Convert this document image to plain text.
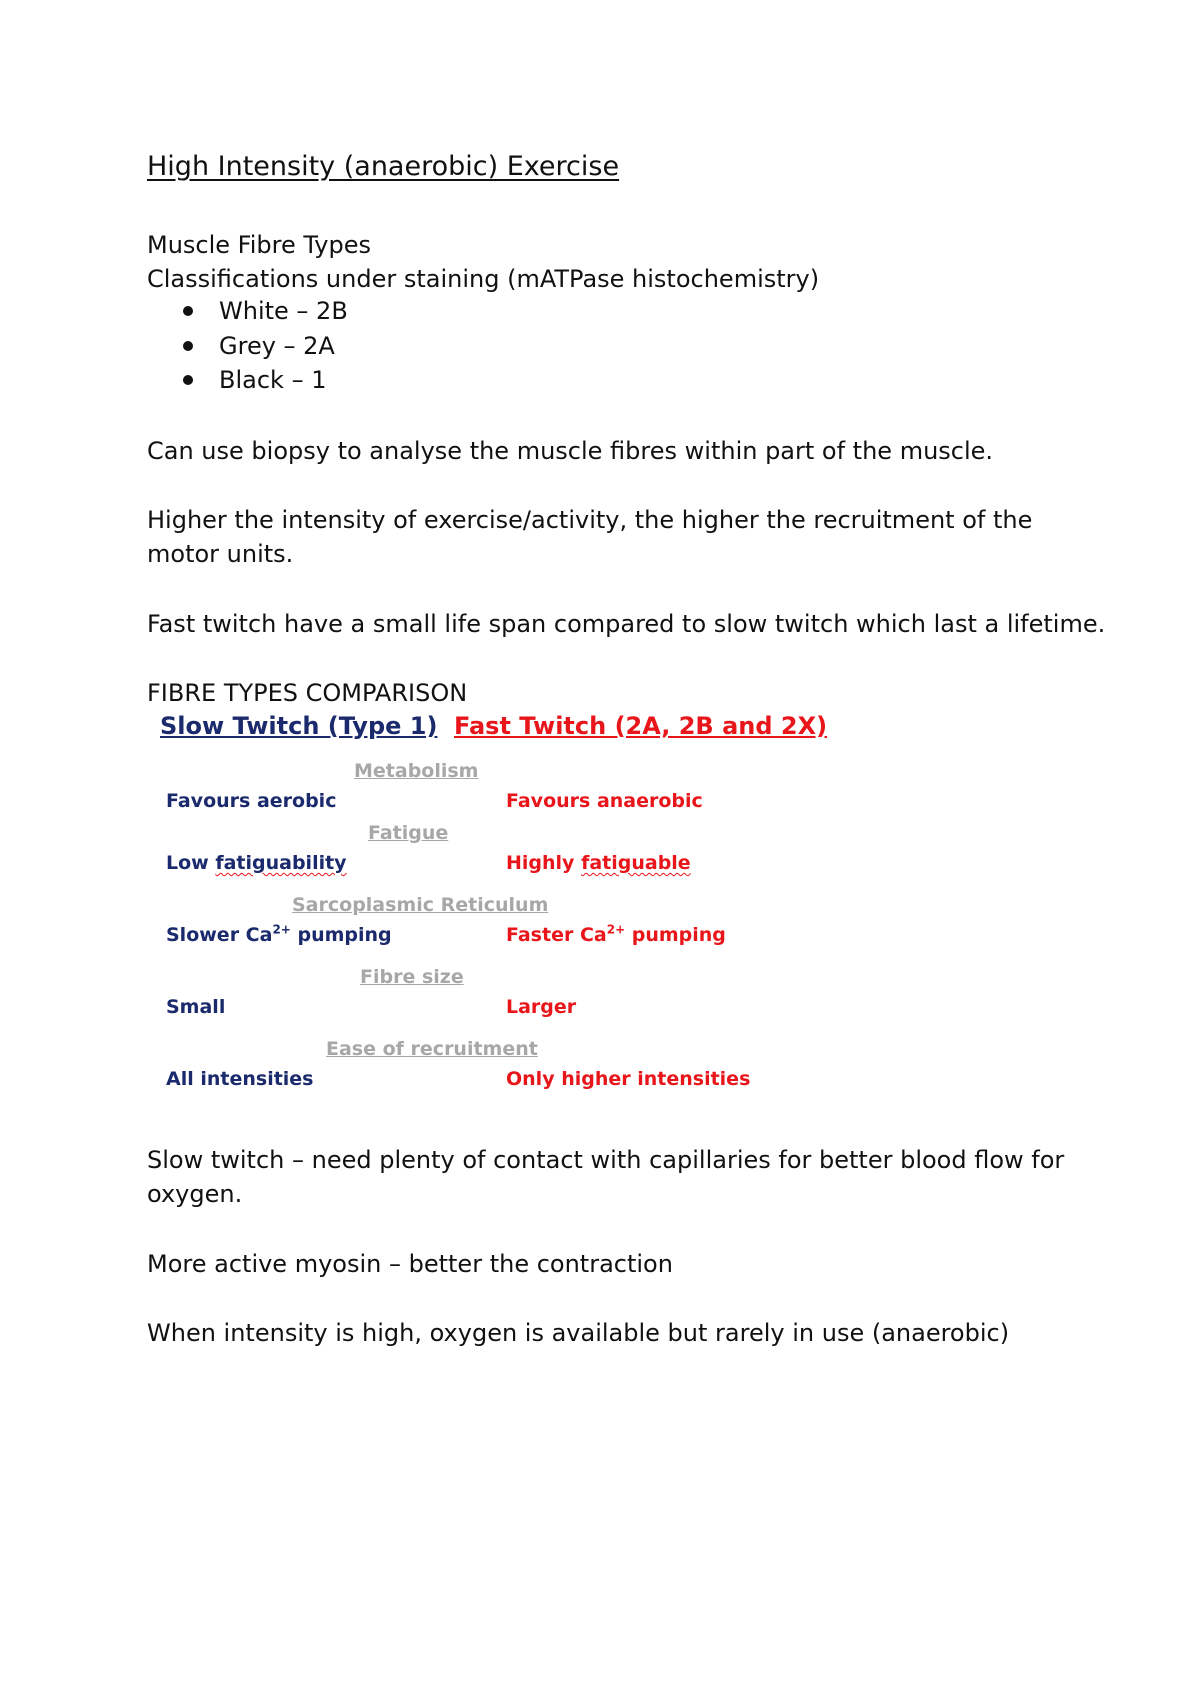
High Intensity (anaerobic) Exercise

Muscle Fibre Types

Classifications under staining (mATPase histochemistry)

White – 2B
Grey – 2A
Black – 1

Can use biopsy to analyse the muscle fibres within part of the muscle.

Higher the intensity of exercise/activity, the higher the recruitment of the

motor units.

Fast twitch have a small life span compared to slow twitch which last a lifetime.

FIBRE TYPES COMPARISON

Slow Twitch (Type 1) Fast Twitch (2A, 2B and 2X)
Metabolism
Favours aerobic	Favours anaerobic
Fatigue
Low fatiguability	Highly fatiguable
Sarcoplasmic Reticulum
Slower $Ca^{2+}$ pumping	Faster $Ca^{2+}$ pumping
Fibre size
Small	Larger
Ease of recruitment
All intensities	Only higher intensities

Slow twitch – need plenty of contact with capillaries for better blood flow for

oxygen.

More active myosin – better the contraction

When intensity is high, oxygen is available but rarely in use (anaerobic)
